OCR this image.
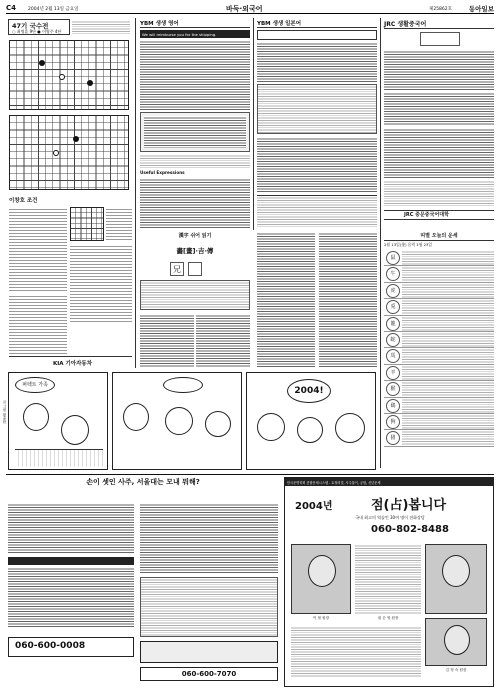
C4	2004년 2월 13일 금요일	바둑·외국어	제25862호	동아일보
47기 국수전
○ 최명훈 9단 ● 이영주 4단
이창호 조건
KIA 기아자동차
YBM 생생 영어
We will reimburse you for the shipping.
Useful Expressions
YBM 생생 일본어	JRC 생활중국어
JRC 중문중국어대학
漢字 쉬어 읽기
畵[畫]·吉·傳
兄
띠별 오늘의 운세
2월 13일(金) 음력 1월 23일
鼠
牛
虎
兎
龍
蛇
馬
羊
猴
鷄
狗
猪
퍼펙트 가족
2004!
글·그림 황중환
손이 셋인 사주, 서울대는 모내 뭐해?
060-600-0008
060-600-7070
한국운명학회 종합운세시스템 - 토정비결, 사주풀이, 궁합, 신년운세
2004년	점(占)봅니다
국내 최고의 역술인 30여 명이 전화상담
060-802-8488
이 철 원장	권 순 영 원장
김 정 숙 원장
